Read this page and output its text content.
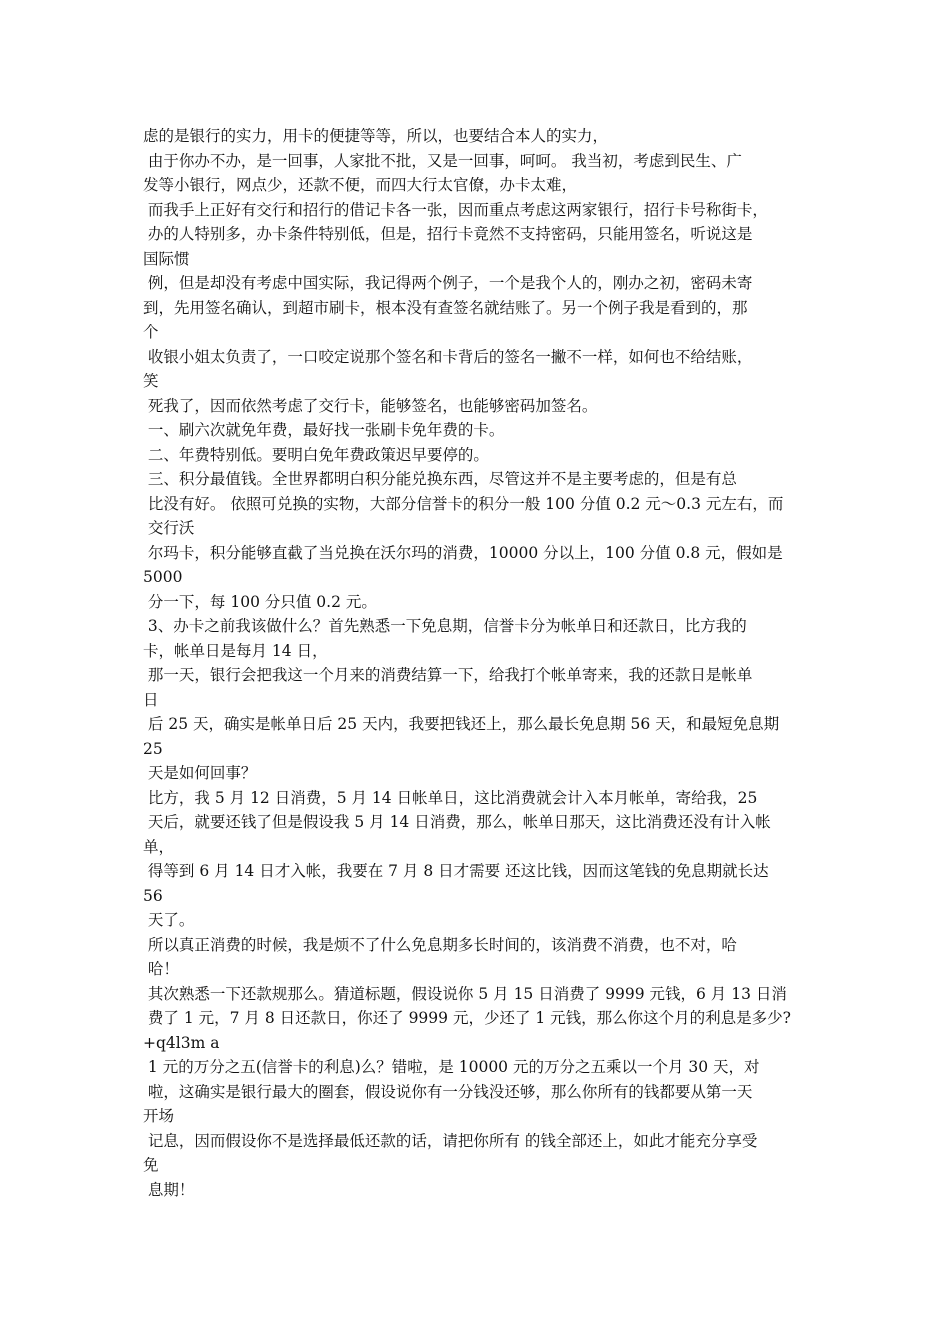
虑的是银行的实力，用卡的便捷等等，所以，也要结合本人的实力，
由于你办不办，是一回事，人家批不批，又是一回事，呵呵。 我当初，考虑到民生、广
发等小银行，网点少，还款不便，而四大行太官僚，办卡太难，
而我手上正好有交行和招行的借记卡各一张，因而重点考虑这两家银行，招行卡号称街卡，
办的人特别多，办卡条件特别低，但是，招行卡竟然不支持密码，只能用签名，听说这是
国际惯
例，但是却没有考虑中国实际，我记得两个例子，一个是我个人的，刚办之初，密码未寄
到，先用签名确认，到超市刷卡，根本没有查签名就结账了。另一个例子我是看到的，那
个
收银小姐太负责了，一口咬定说那个签名和卡背后的签名一撇不一样，如何也不给结账，
笑
死我了，因而依然考虑了交行卡，能够签名，也能够密码加签名。
一、刷六次就免年费，最好找一张刷卡免年费的卡。
二、年费特别低。要明白免年费政策迟早要停的。
三、积分最值钱。全世界都明白积分能兑换东西，尽管这并不是主要考虑的，但是有总
比没有好。 依照可兑换的实物，大部分信誉卡的积分一般 100 分值 0.2 元～0.3 元左右，而
交行沃
尔玛卡，积分能够直截了当兑换在沃尔玛的消费，10000 分以上，100 分值 0.8 元，假如是
5000
分一下，每 100 分只值 0.2 元。
3、办卡之前我该做什么？首先熟悉一下免息期，信誉卡分为帐单日和还款日，比方我的
卡，帐单日是每月 14 日，
那一天，银行会把我这一个月来的消费结算一下，给我打个帐单寄来，我的还款日是帐单
日
后 25 天，确实是帐单日后 25 天内，我要把钱还上，那么最长免息期 56 天，和最短免息期
25
天是如何回事？
比方，我 5 月 12 日消费，5 月 14 日帐单日，这比消费就会计入本月帐单，寄给我，25
天后，就要还钱了但是假设我 5 月 14 日消费，那么，帐单日那天，这比消费还没有计入帐
单，
得等到 6 月 14 日才入帐，我要在 7 月 8 日才需要 还这比钱，因而这笔钱的免息期就长达
56
天了。
所以真正消费的时候，我是烦不了什么免息期多长时间的，该消费不消费，也不对，哈
哈！
其次熟悉一下还款规那么。猜道标题，假设说你 5 月 15 日消费了 9999 元钱，6 月 13 日消
费了 1 元，7 月 8 日还款日，你还了 9999 元，少还了 1 元钱，那么你这个月的利息是多少?
+q4l3m a
1 元的万分之五(信誉卡的利息)么？错啦，是 10000 元的万分之五乘以一个月 30 天，对
啦，这确实是银行最大的圈套，假设说你有一分钱没还够，那么你所有的钱都要从第一天
开场
记息，因而假设你不是选择最低还款的话，请把你所有 的钱全部还上，如此才能充分享受
免
息期！
